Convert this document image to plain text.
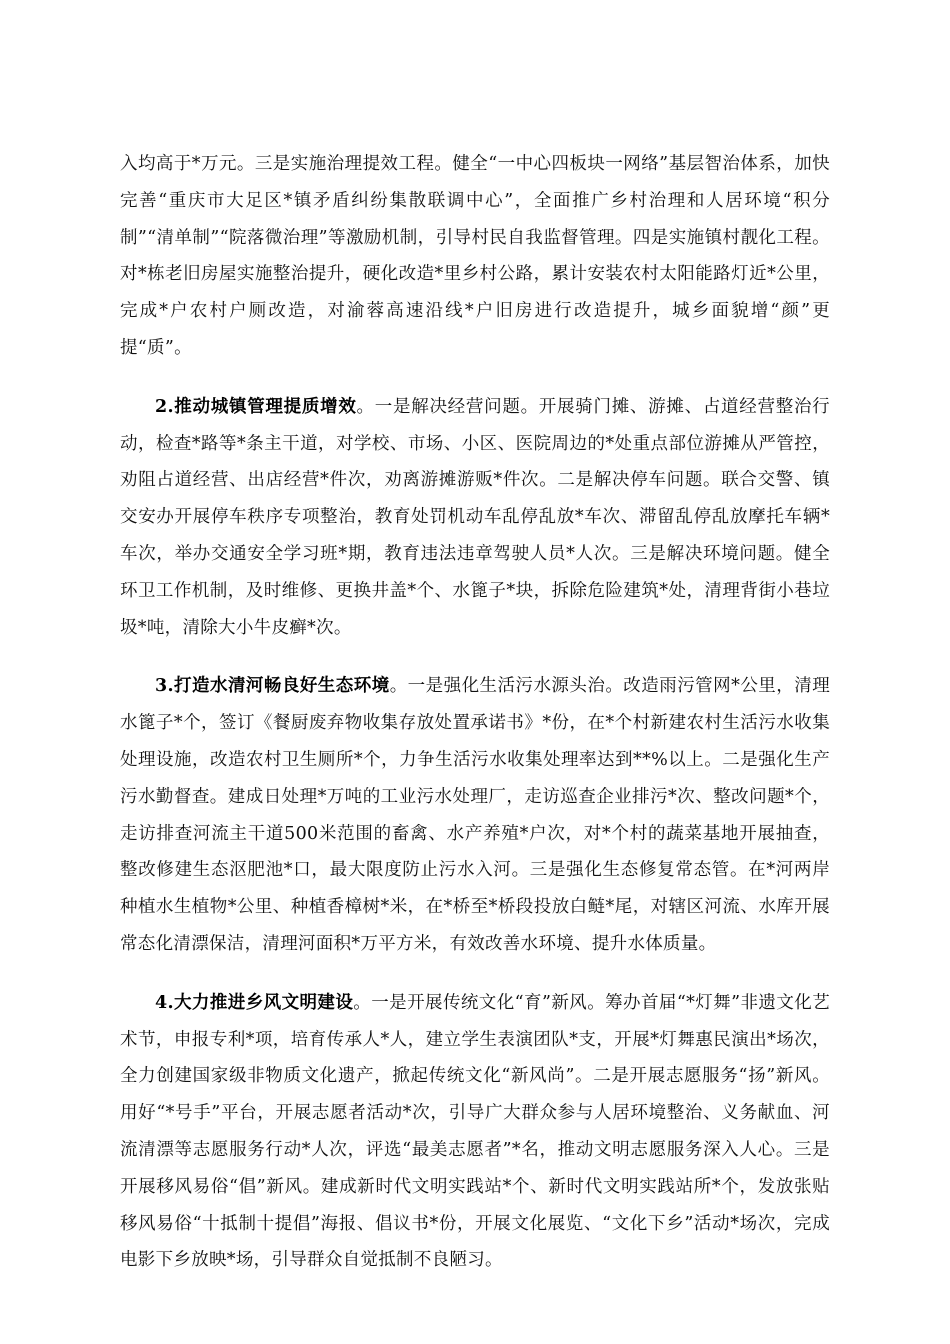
入均高于*万元。三是实施治理提效工程。健全“一中心四板块一网络”基层智治体系，加快完善“重庆市大足区*镇矛盾纠纷集散联调中心”，全面推广乡村治理和人居环境“积分制”“清单制”“院落微治理”等激励机制，引导村民自我监督管理。四是实施镇村靓化工程。对*栋老旧房屋实施整治提升，硬化改造*里乡村公路，累计安装农村太阳能路灯近*公里，完成*户农村户厕改造，对渝蓉高速沿线*户旧房进行改造提升，城乡面貌增“颜”更提“质”。

2.推动城镇管理提质增效。一是解决经营问题。开展骑门摊、游摊、占道经营整治行动，检查*路等*条主干道，对学校、市场、小区、医院周边的*处重点部位游摊从严管控，劝阻占道经营、出店经营*件次，劝离游摊游贩*件次。二是解决停车问题。联合交警、镇交安办开展停车秩序专项整治，教育处罚机动车乱停乱放*车次、滞留乱停乱放摩托车辆*车次，举办交通安全学习班*期，教育违法违章驾驶人员*人次。三是解决环境问题。健全环卫工作机制，及时维修、更换井盖*个、水篦子*块，拆除危险建筑*处，清理背街小巷垃圾*吨，清除大小牛皮癣*次。

3.打造水清河畅良好生态环境。一是强化生活污水源头治。改造雨污管网*公里，清理水篦子*个，签订《餐厨废弃物收集存放处置承诺书》*份，在*个村新建农村生活污水收集处理设施，改造农村卫生厕所*个，力争生活污水收集处理率达到**%以上。二是强化生产污水勤督查。建成日处理*万吨的工业污水处理厂，走访巡查企业排污*次、整改问题*个，走访排查河流主干道500米范围的畜禽、水产养殖*户次，对*个村的蔬菜基地开展抽查，整改修建生态沤肥池*口，最大限度防止污水入河。三是强化生态修复常态管。在*河两岸种植水生植物*公里、种植香樟树*米，在*桥至*桥段投放白鲢*尾，对辖区河流、水库开展常态化清漂保洁，清理河面积*万平方米，有效改善水环境、提升水体质量。

4.大力推进乡风文明建设。一是开展传统文化“育”新风。筹办首届“*灯舞”非遗文化艺术节，申报专利*项，培育传承人*人，建立学生表演团队*支，开展*灯舞惠民演出*场次，全力创建国家级非物质文化遗产，掀起传统文化“新风尚”。二是开展志愿服务“扬”新风。用好“*号手”平台，开展志愿者活动*次，引导广大群众参与人居环境整治、义务献血、河流清漂等志愿服务行动*人次，评选“最美志愿者”*名，推动文明志愿服务深入人心。三是开展移风易俗“倡”新风。建成新时代文明实践站*个、新时代文明实践站所*个，发放张贴移风易俗“十抵制十提倡”海报、倡议书*份，开展文化展览、“文化下乡”活动*场次，完成电影下乡放映*场，引导群众自觉抵制不良陋习。
